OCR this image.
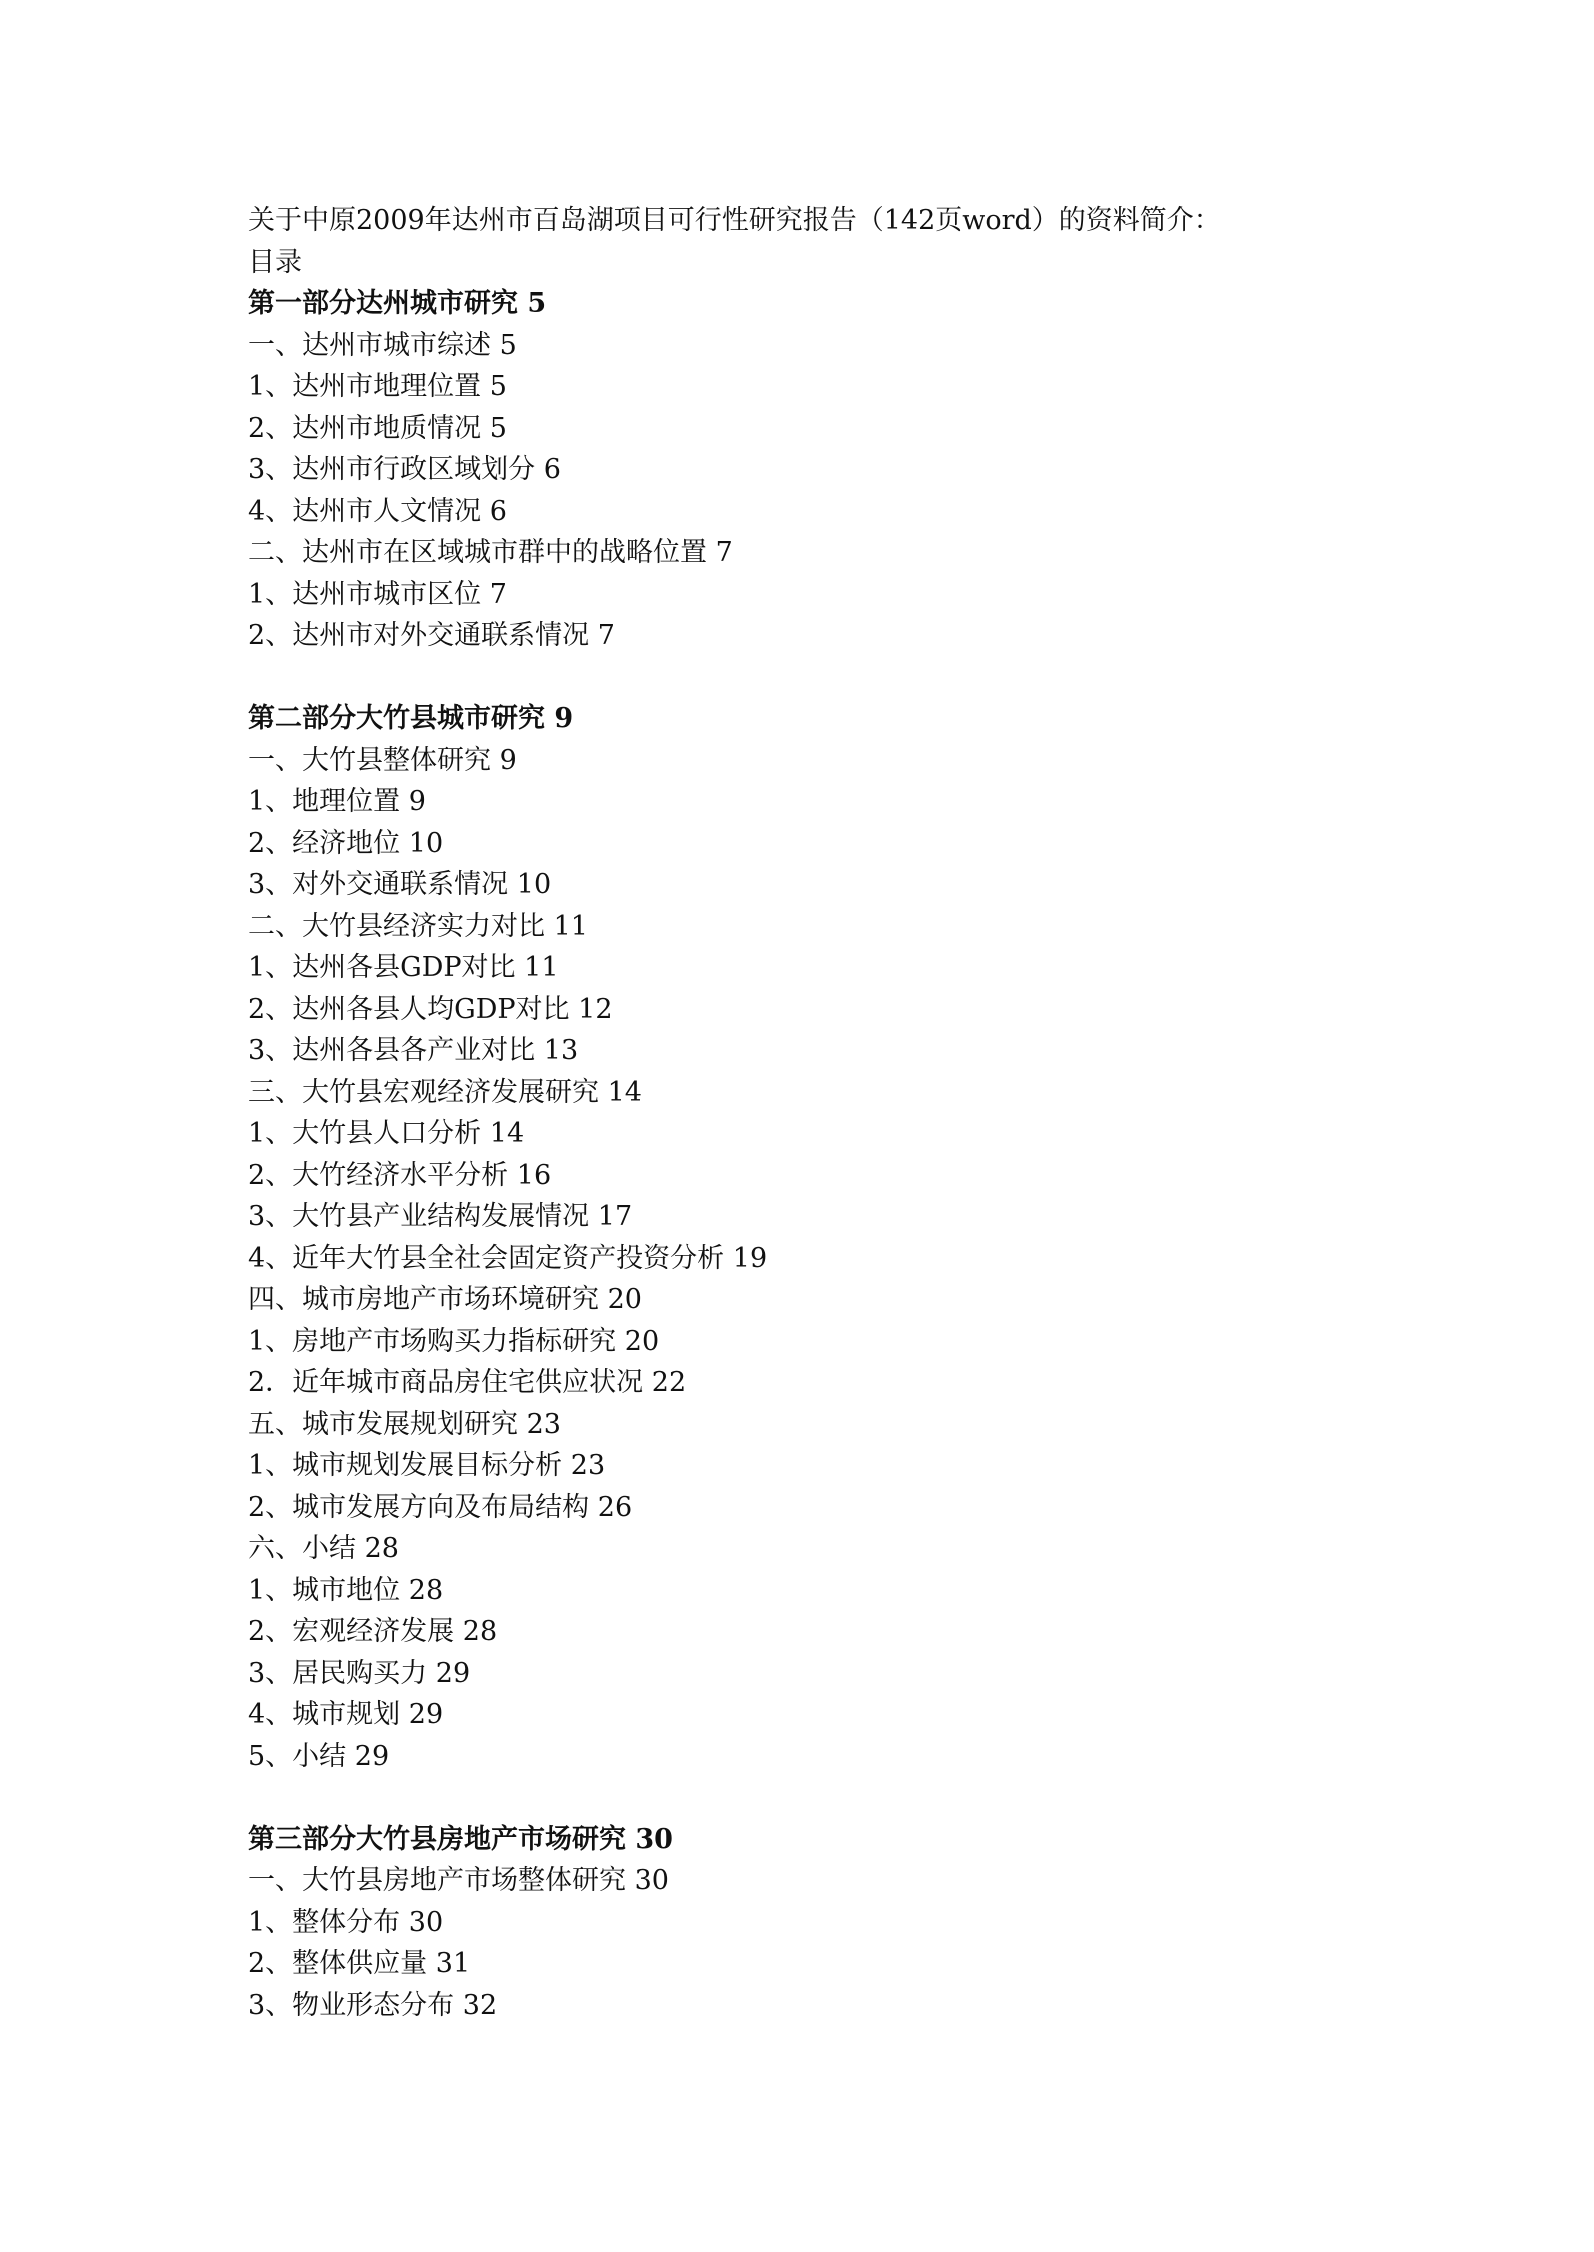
关于中原2009年达州市百岛湖项目可行性研究报告（142页word）的资料简介：
目录
第一部分达州城市研究 5
一、达州市城市综述 5
1、达州市地理位置 5
2、达州市地质情况 5
3、达州市行政区域划分 6
4、达州市人文情况 6
二、达州市在区域城市群中的战略位置 7
1、达州市城市区位 7
2、达州市对外交通联系情况 7
第二部分大竹县城市研究 9
一、大竹县整体研究 9
1、地理位置 9
2、经济地位 10
3、对外交通联系情况 10
二、大竹县经济实力对比 11
1、达州各县GDP对比 11
2、达州各县人均GDP对比 12
3、达州各县各产业对比 13
三、大竹县宏观经济发展研究 14
1、大竹县人口分析 14
2、大竹经济水平分析 16
3、大竹县产业结构发展情况 17
4、近年大竹县全社会固定资产投资分析 19
四、城市房地产市场环境研究 20
1、房地产市场购买力指标研究 20
2．近年城市商品房住宅供应状况 22
五、城市发展规划研究 23
1、城市规划发展目标分析 23
2、城市发展方向及布局结构 26
六、小结 28
1、城市地位 28
2、宏观经济发展 28
3、居民购买力 29
4、城市规划 29
5、小结 29
第三部分大竹县房地产市场研究 30
一、大竹县房地产市场整体研究 30
1、整体分布 30
2、整体供应量 31
3、物业形态分布 32
